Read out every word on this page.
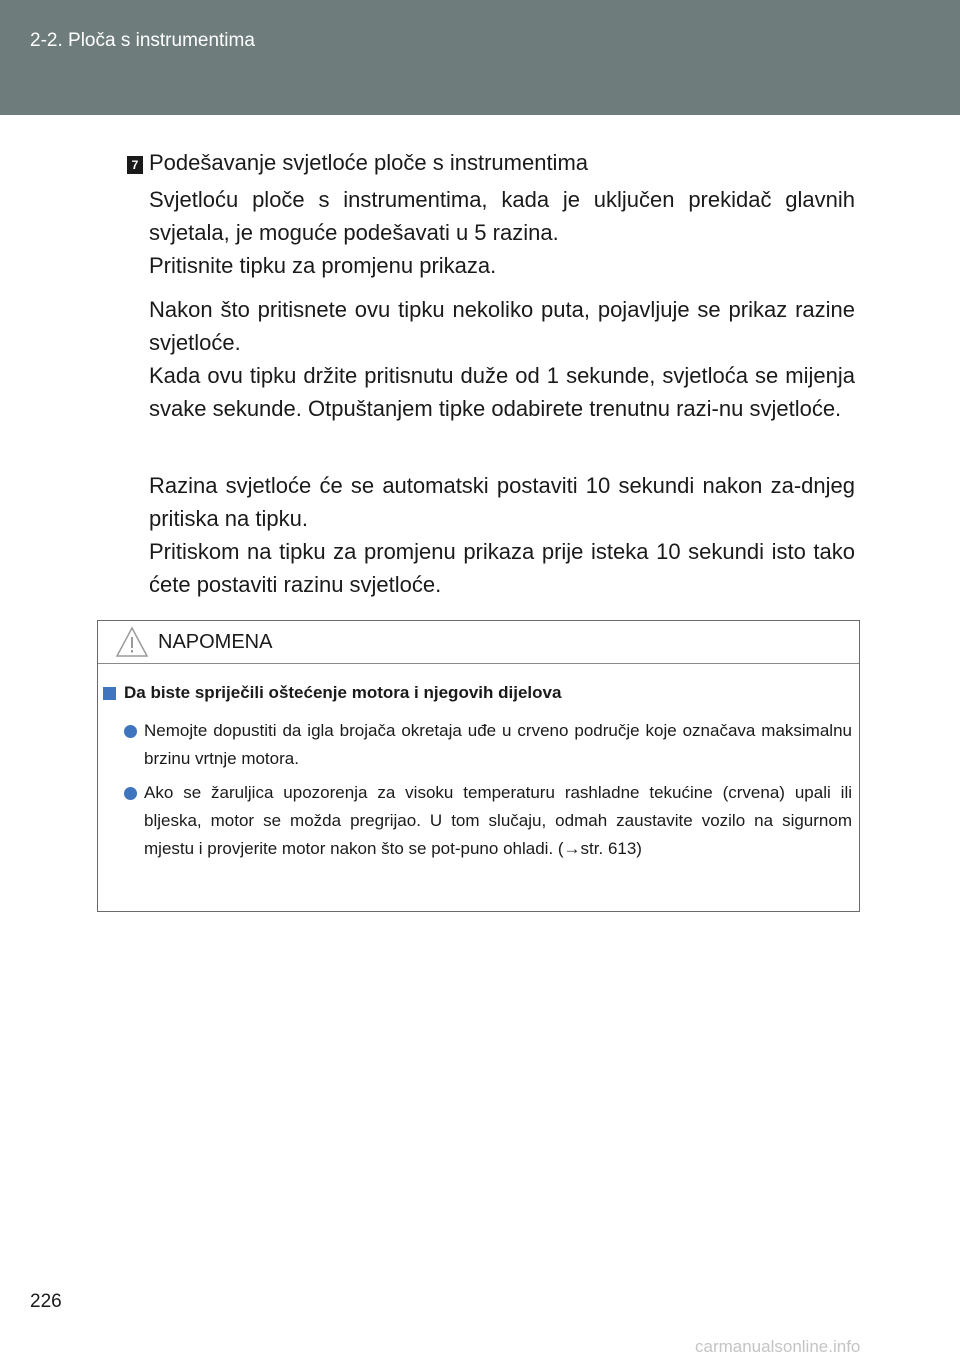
2-2. Ploča s instrumentima
7 Podešavanje svjetloće ploče s instrumentima

Svjetloću ploče s instrumentima, kada je uključen prekidač glavnih svjetala, je moguće podešavati u 5 razina.
Pritisnite tipku za promjenu prikaza.

Nakon što pritisnete ovu tipku nekoliko puta, pojavljuje se prikaz razine svjetloće.
Kada ovu tipku držite pritisnutu duže od 1 sekunde, svjetloća se mijenja svake sekunde. Otpuštanjem tipke odabirete trenutnu razi-nu svjetloće.

Razina svjetloće će se automatski postaviti 10 sekundi nakon za-dnjeg pritiska na tipku.
Pritiskom na tipku za promjenu prikaza prije isteka 10 sekundi isto tako ćete postaviti razinu svjetloće.

NAPOMENA
Da biste spriječili oštećenje motora i njegovih dijelova

Nemojte dopustiti da igla brojača okretaja uđe u crveno područje koje označava maksimalnu brzinu vrtnje motora.

Ako se žaruljica upozorenja za visoku temperaturu rashladne tekućine (crvena) upali ili bljeska, motor se možda pregrijao. U tom slučaju, odmah zaustavite vozilo na sigurnom mjestu i provjerite motor nakon što se pot-puno ohladi. (→str. 613)

226
carmanualsonline.info
